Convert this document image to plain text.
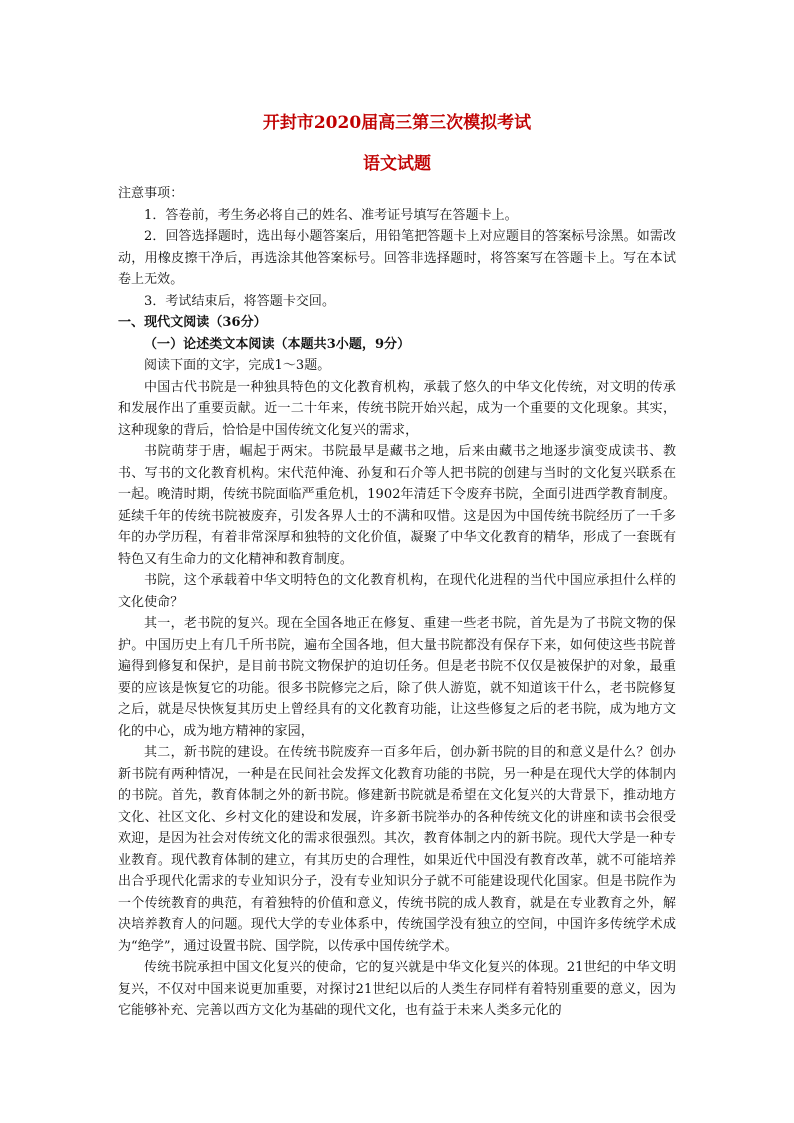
开封市2020届高三第三次模拟考试
语文试题

注意事项：

1．答卷前，考生务必将自己的姓名、准考证号填写在答题卡上。

2．回答选择题时，选出每小题答案后，用铅笔把答题卡上对应题目的答案标号涂黑。如需改动，用橡皮擦干净后，再选涂其他答案标号。回答非选择题时，将答案写在答题卡上。写在本试卷上无效。

3．考试结束后，将答题卡交回。

一、现代文阅读（36分）

（一）论述类文本阅读（本题共3小题，9分）

阅读下面的文字，完成1～3题。

中国古代书院是一种独具特色的文化教育机构，承载了悠久的中华文化传统，对文明的传承和发展作出了重要贡献。近一二十年来，传统书院开始兴起，成为一个重要的文化现象。其实，这种现象的背后，恰恰是中国传统文化复兴的需求，

书院萌芽于唐，崛起于两宋。书院最早是藏书之地，后来由藏书之地逐步演变成读书、教书、写书的文化教育机构。宋代范仲淹、孙复和石介等人把书院的创建与当时的文化复兴联系在一起。晚清时期，传统书院面临严重危机，1902年清廷下令废弃书院，全面引进西学教育制度。延续千年的传统书院被废弃，引发各界人士的不满和叹惜。这是因为中国传统书院经历了一千多年的办学历程，有着非常深厚和独特的文化价值，凝聚了中华文化教育的精华，形成了一套既有特色又有生命力的文化精神和教育制度。

书院，这个承载着中华文明特色的文化教育机构，在现代化进程的当代中国应承担什么样的文化使命？

其一，老书院的复兴。现在全国各地正在修复、重建一些老书院，首先是为了书院文物的保护。中国历史上有几千所书院，遍布全国各地，但大量书院都没有保存下来，如何使这些书院普遍得到修复和保护，是目前书院文物保护的迫切任务。但是老书院不仅仅是被保护的对象，最重要的应该是恢复它的功能。很多书院修完之后，除了供人游览，就不知道该干什么，老书院修复之后，就是尽快恢复其历史上曾经具有的文化教育功能，让这些修复之后的老书院，成为地方文化的中心，成为地方精神的家园，

其二，新书院的建设。在传统书院废弃一百多年后，创办新书院的目的和意义是什么？创办新书院有两种情况，一种是在民间社会发挥文化教育功能的书院，另一种是在现代大学的体制内的书院。首先，教育体制之外的新书院。修建新书院就是希望在文化复兴的大背景下，推动地方文化、社区文化、乡村文化的建设和发展，许多新书院举办的各种传统文化的讲座和读书会很受欢迎，是因为社会对传统文化的需求很强烈。其次，教育体制之内的新书院。现代大学是一种专业教育。现代教育体制的建立，有其历史的合理性，如果近代中国没有教育改革，就不可能培养出合乎现代化需求的专业知识分子，没有专业知识分子就不可能建设现代化国家。但是书院作为一个传统教育的典范，有着独特的价值和意义，传统书院的成人教育，就是在专业教育之外，解决培养教育人的问题。现代大学的专业体系中，传统国学没有独立的空间，中国许多传统学术成为“绝学”，通过设置书院、国学院，以传承中国传统学术。

传统书院承担中国文化复兴的使命，它的复兴就是中华文化复兴的体现。21世纪的中华文明复兴，不仅对中国来说更加重要，对探讨21世纪以后的人类生存同样有着特别重要的意义，因为它能够补充、完善以西方文化为基础的现代文化，也有益于未来人类多元化的
